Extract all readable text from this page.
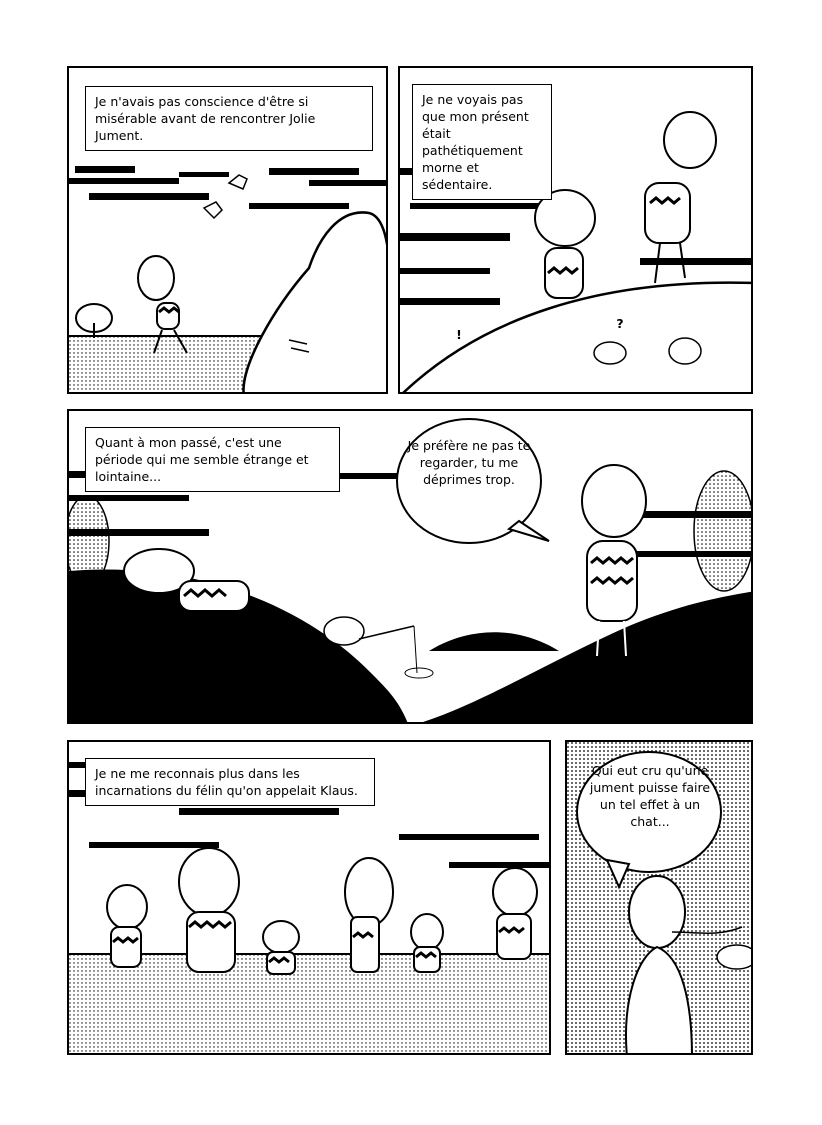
Je n'avais pas conscience d'être si misérable avant de rencontrer Jolie Jument.
Je ne voyais pas que mon présent était pathétiquement morne et sédentaire.
?
!
Quant à mon passé, c'est une période qui me semble étrange et lointaine...
Je préfère ne pas te regarder, tu me déprimes trop.
Je ne me reconnais plus dans les incarnations du félin qu'on appelait Klaus.
Qui eut cru qu'une jument puisse faire un tel effet à un chat...
